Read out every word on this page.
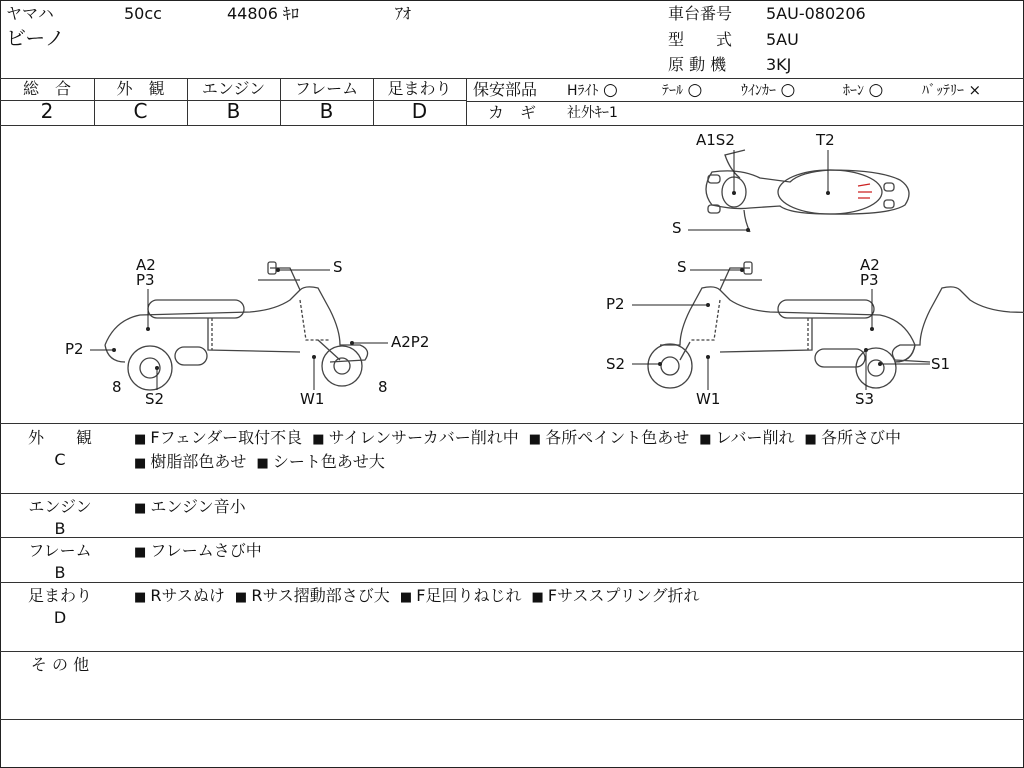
ヤマハ	50cc	44806 ｷﾛ	ｱｵ
ビーノ
車台番号 5AU-080206
型　　式 5AU
原 動 機 3KJ
総　合
2
外　観
C
エンジン
B
フレーム
B
足まわり
D
保安部品 Hﾗｲﾄ ○	ﾃｰﾙ ○	ｳｲﾝｶｰ ○	ﾎｰﾝ ○	ﾊﾞｯﾃﾘｰ ×
カ　ギ 社外ｷｰ1
A1S2	T2
S
A2
P3
S
P2	A2P2
8
S2	W1
8
S	A2
P3
P2
S2	S1
W1	S3
外　　観
C
■ Fフェンダー取付不良 ■ サイレンサーカバー削れ中 ■ 各所ペイント色あせ ■ レバー削れ ■ 各所さび中■ 樹脂部色あせ ■ シート色あせ大
エンジン
B
■ エンジン音小
フレーム
B
■ フレームさび中
足まわり
D
■ Rサスぬけ ■ Rサス摺動部さび大 ■ F足回りねじれ ■ Fサススプリング折れ
そ の 他
